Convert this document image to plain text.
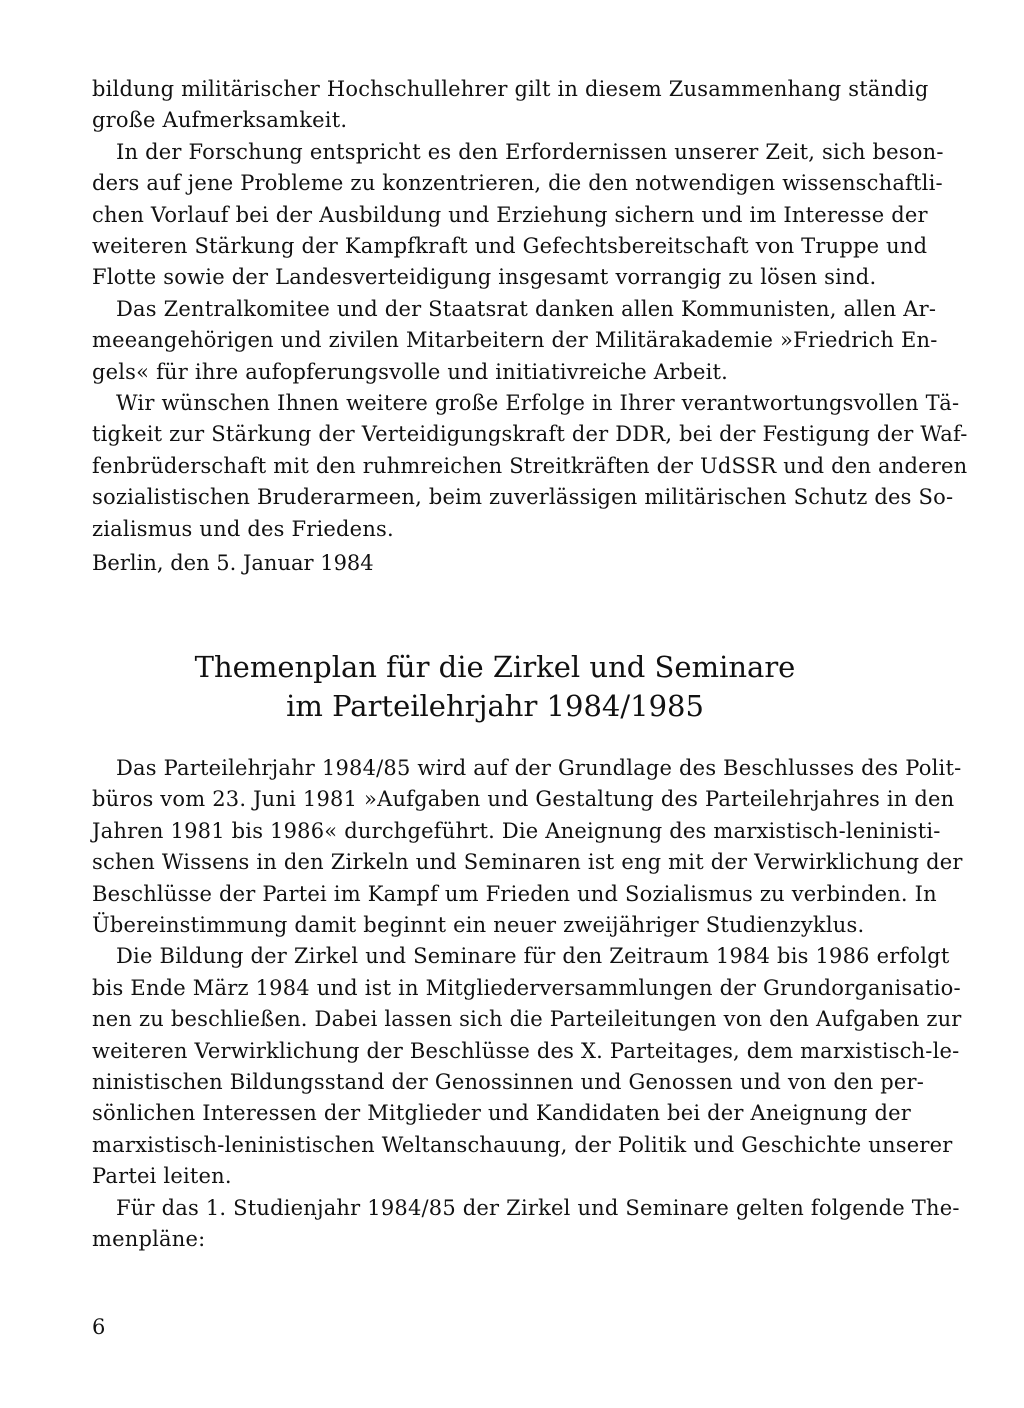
bildung militärischer Hochschullehrer gilt in diesem Zusammenhang ständig
große Aufmerksamkeit.
In der Forschung entspricht es den Erfordernissen unserer Zeit, sich beson-
ders auf jene Probleme zu konzentrieren, die den notwendigen wissenschaftli-
chen Vorlauf bei der Ausbildung und Erziehung sichern und im Interesse der
weiteren Stärkung der Kampfkraft und Gefechtsbereitschaft von Truppe und
Flotte sowie der Landesverteidigung insgesamt vorrangig zu lösen sind.
Das Zentralkomitee und der Staatsrat danken allen Kommunisten, allen Ar-
meeangehörigen und zivilen Mitarbeitern der Militärakademie »Friedrich En-
gels« für ihre aufopferungsvolle und initiativreiche Arbeit.
Wir wünschen Ihnen weitere große Erfolge in Ihrer verantwortungsvollen Tä-
tigkeit zur Stärkung der Verteidigungskraft der DDR, bei der Festigung der Waf-
fenbrüderschaft mit den ruhmreichen Streitkräften der UdSSR und den anderen
sozialistischen Bruderarmeen, beim zuverlässigen militärischen Schutz des So-
zialismus und des Friedens.
Berlin, den 5. Januar 1984
Themenplan für die Zirkel und Seminare
im Parteilehrjahr 1984/1985
Das Parteilehrjahr 1984/85 wird auf der Grundlage des Beschlusses des Polit-
büros vom 23. Juni 1981 »Aufgaben und Gestaltung des Parteilehrjahres in den
Jahren 1981 bis 1986« durchgeführt. Die Aneignung des marxistisch-leninisti-
schen Wissens in den Zirkeln und Seminaren ist eng mit der Verwirklichung der
Beschlüsse der Partei im Kampf um Frieden und Sozialismus zu verbinden. In
Übereinstimmung damit beginnt ein neuer zweijähriger Studienzyklus.
Die Bildung der Zirkel und Seminare für den Zeitraum 1984 bis 1986 erfolgt
bis Ende März 1984 und ist in Mitgliederversammlungen der Grundorganisatio-
nen zu beschließen. Dabei lassen sich die Parteileitungen von den Aufgaben zur
weiteren Verwirklichung der Beschlüsse des X. Parteitages, dem marxistisch-le-
ninistischen Bildungsstand der Genossinnen und Genossen und von den per-
sönlichen Interessen der Mitglieder und Kandidaten bei der Aneignung der
marxistisch-leninistischen Weltanschauung, der Politik und Geschichte unserer
Partei leiten.
Für das 1. Studienjahr 1984/85 der Zirkel und Seminare gelten folgende The-
menpläne:
6
